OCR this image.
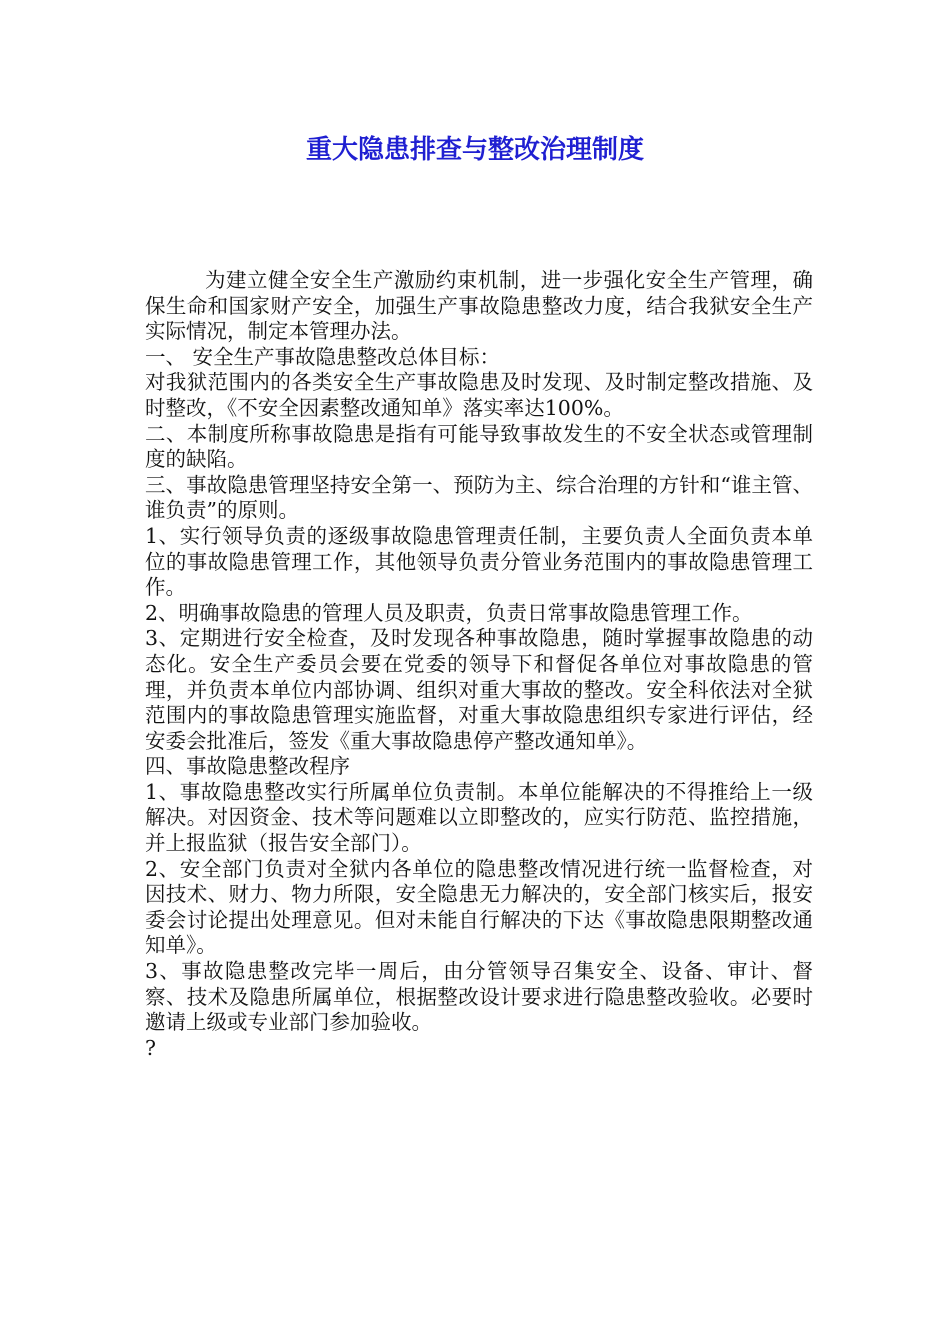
重大隐患排查与整改治理制度

为建立健全安全生产激励约束机制，进一步强化安全生产管理，确保生命和国家财产安全，加强生产事故隐患整改力度，结合我狱安全生产实际情况，制定本管理办法。

一、 安全生产事故隐患整改总体目标：

对我狱范围内的各类安全生产事故隐患及时发现、及时制定整改措施、及时整改，《不安全因素整改通知单》落实率达100%。

二、本制度所称事故隐患是指有可能导致事故发生的不安全状态或管理制度的缺陷。

三、事故隐患管理坚持安全第一、预防为主、综合治理的方针和“谁主管、谁负责”的原则。

1、实行领导负责的逐级事故隐患管理责任制，主要负责人全面负责本单位的事故隐患管理工作，其他领导负责分管业务范围内的事故隐患管理工作。

2、明确事故隐患的管理人员及职责，负责日常事故隐患管理工作。

3、定期进行安全检查，及时发现各种事故隐患，随时掌握事故隐患的动态化。安全生产委员会要在党委的领导下和督促各单位对事故隐患的管理，并负责本单位内部协调、组织对重大事故的整改。安全科依法对全狱范围内的事故隐患管理实施监督，对重大事故隐患组织专家进行评估，经安委会批准后，签发《重大事故隐患停产整改通知单》。

四、事故隐患整改程序

1、事故隐患整改实行所属单位负责制。本单位能解决的不得推给上一级解决。对因资金、技术等问题难以立即整改的，应实行防范、监控措施，并上报监狱（报告安全部门）。

2、安全部门负责对全狱内各单位的隐患整改情况进行统一监督检查，对因技术、财力、物力所限，安全隐患无力解决的，安全部门核实后，报安委会讨论提出处理意见。但对未能自行解决的下达《事故隐患限期整改通知单》。

3、事故隐患整改完毕一周后，由分管领导召集安全、设备、审计、督察、技术及隐患所属单位，根据整改设计要求进行隐患整改验收。必要时邀请上级或专业部门参加验收。

?
